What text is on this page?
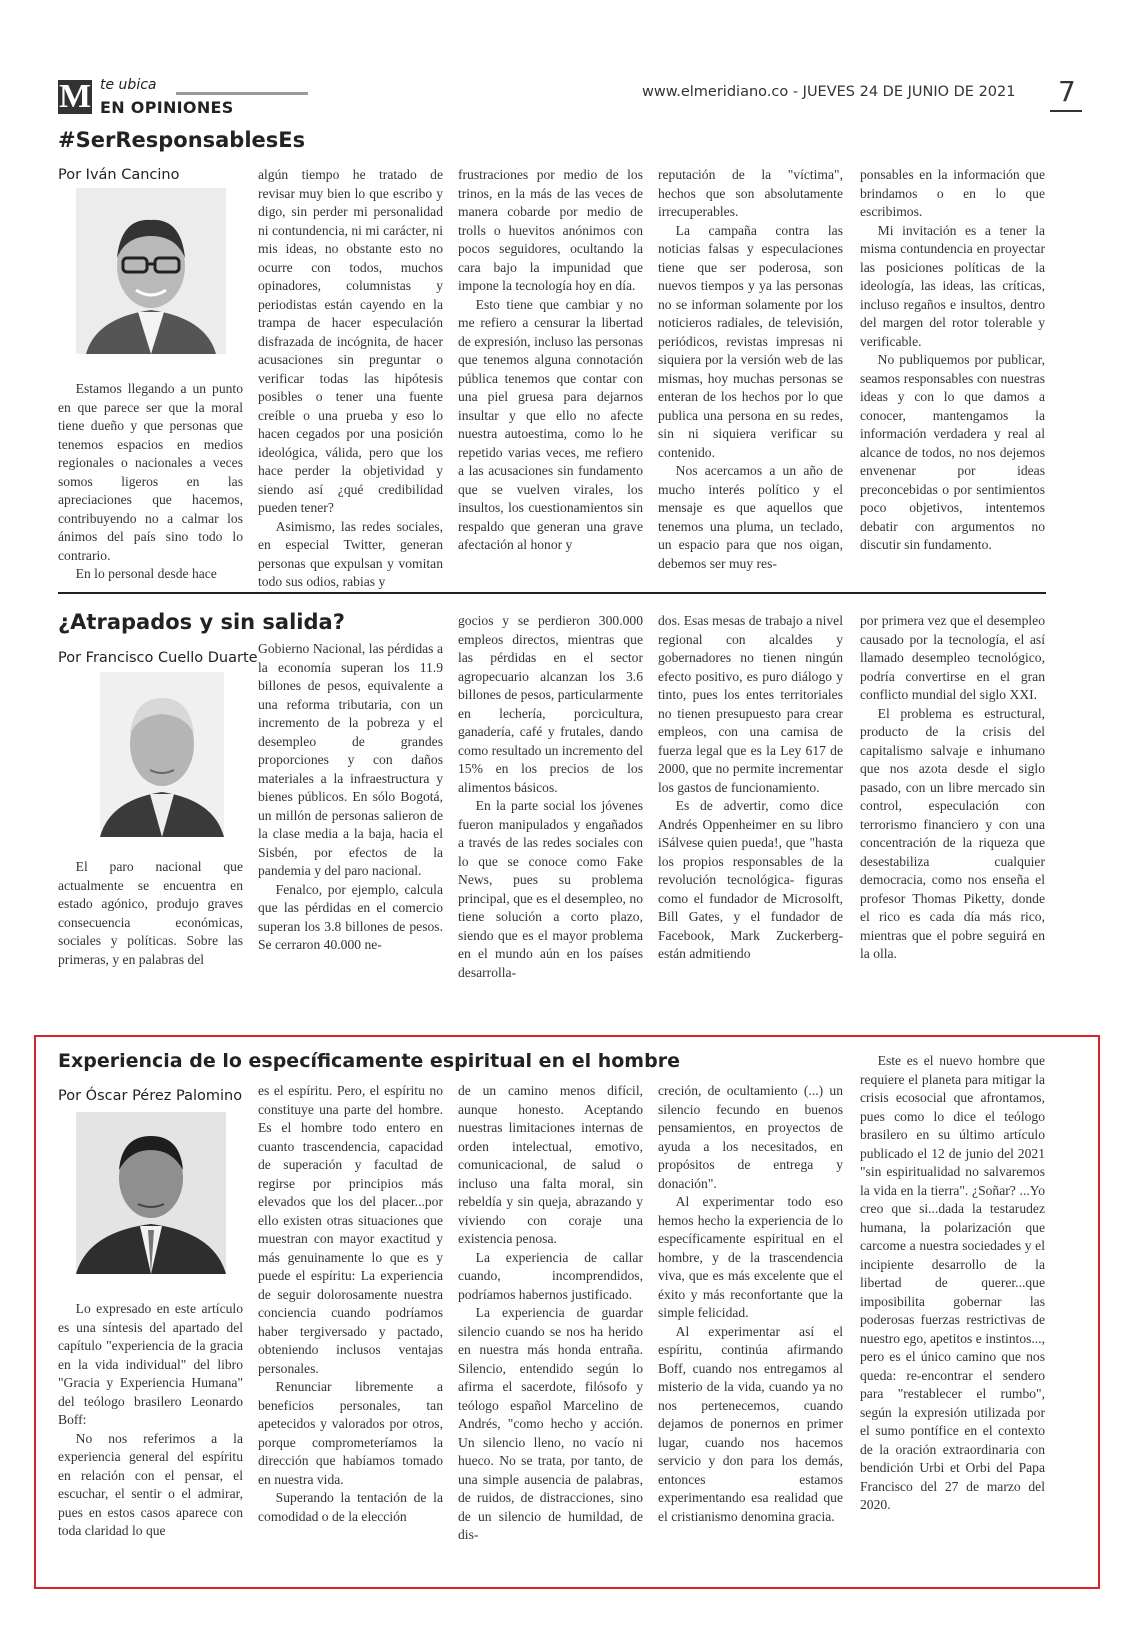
M te ubica
EN OPINIONES
www.elmeridiano.co - JUEVES 24 DE JUNIO DE 2021 7
#SerResponsablesEs
Por Iván Cancino

Estamos llegando a un punto en que parece ser que la moral tiene dueño y que personas que tenemos espacios en medios regionales o nacionales a veces somos ligeros en las apreciaciones que hacemos, contribuyendo no a calmar los ánimos del país sino todo lo contrario.

En lo personal desde hace

algún tiempo he tratado de revisar muy bien lo que escribo y digo, sin perder mi personalidad ni contundencia, ni mi carácter, ni mis ideas, no obstante esto no ocurre con todos, muchos opinadores, columnistas y periodistas están cayendo en la trampa de hacer especulación disfrazada de incógnita, de hacer acusaciones sin preguntar o verificar todas las hipótesis posibles o tener una fuente creíble o una prueba y eso lo hacen cegados por una posición ideológica, válida, pero que los hace perder la objetividad y siendo así ¿qué credibilidad pueden tener?

Asimismo, las redes sociales, en especial Twitter, generan personas que expulsan y vomitan todo sus odios, rabias y

frustraciones por medio de los trinos, en la más de las veces de manera cobarde por medio de trolls o huevitos anónimos con pocos seguidores, ocultando la cara bajo la impunidad que impone la tecnología hoy en día.

Esto tiene que cambiar y no me refiero a censurar la libertad de expresión, incluso las personas que tenemos alguna connotación pública tenemos que contar con una piel gruesa para dejarnos insultar y que ello no afecte nuestra autoestima, como lo he repetido varias veces, me refiero a las acusaciones sin fundamento que se vuelven virales, los insultos, los cuestionamientos sin respaldo que generan una grave afectación al honor y

reputación de la "víctima", hechos que son absolutamente irrecuperables.

La campaña contra las noticias falsas y especulaciones tiene que ser poderosa, son nuevos tiempos y ya las personas no se informan solamente por los noticieros radiales, de televisión, periódicos, revistas impresas ni siquiera por la versión web de las mismas, hoy muchas personas se enteran de los hechos por lo que publica una persona en su redes, sin ni siquiera verificar su contenido.

Nos acercamos a un año de mucho interés político y el mensaje es que aquellos que tenemos una pluma, un teclado, un espacio para que nos oigan, debemos ser muy res-

ponsables en la información que brindamos o en lo que escribimos.

Mi invitación es a tener la misma contundencia en proyectar las posiciones políticas de la ideología, las ideas, las críticas, incluso regaños e insultos, dentro del margen del rotor tolerable y verificable.

No publiquemos por publicar, seamos responsables con nuestras ideas y con lo que damos a conocer, mantengamos la información verdadera y real al alcance de todos, no nos dejemos envenenar por ideas preconcebidas o por sentimientos poco objetivos, intentemos debatir con argumentos no discutir sin fundamento.

¿Atrapados y sin salida?
Por Francisco Cuello Duarte

El paro nacional que actualmente se encuentra en estado agónico, produjo graves consecuencia económicas, sociales y políticas. Sobre las primeras, y en palabras del

Gobierno Nacional, las pérdidas a la economía superan los 11.9 billones de pesos, equivalente a una reforma tributaria, con un incremento de la pobreza y el desempleo de grandes proporciones y con daños materiales a la infraestructura y bienes públicos. En sólo Bogotá, un millón de personas salieron de la clase media a la baja, hacia el Sisbén, por efectos de la pandemia y del paro nacional.

Fenalco, por ejemplo, calcula que las pérdidas en el comercio superan los 3.8 billones de pesos. Se cerraron 40.000 ne-

gocios y se perdieron 300.000 empleos directos, mientras que las pérdidas en el sector agropecuario alcanzan los 3.6 billones de pesos, particularmente en lechería, porcicultura, ganadería, café y frutales, dando como resultado un incremento del 15% en los precios de los alimentos básicos.

En la parte social los jóvenes fueron manipulados y engañados a través de las redes sociales con lo que se conoce como Fake News, pues su problema principal, que es el desempleo, no tiene solución a corto plazo, siendo que es el mayor problema en el mundo aún en los países desarrolla-

dos. Esas mesas de trabajo a nivel regional con alcaldes y gobernadores no tienen ningún efecto positivo, es puro diálogo y tinto, pues los entes territoriales no tienen presupuesto para crear empleos, con una camisa de fuerza legal que es la Ley 617 de 2000, que no permite incrementar los gastos de funcionamiento.

Es de advertir, como dice Andrés Oppenheimer en su libro iSálvese quien pueda!, que "hasta los propios responsables de la revolución tecnológica- figuras como el fundador de Microsolft, Bill Gates, y el fundador de Facebook, Mark Zuckerberg- están admitiendo

por primera vez que el desempleo causado por la tecnología, el así llamado desempleo tecnológico, podría convertirse en el gran conflicto mundial del siglo XXI.

El problema es estructural, producto de la crisis del capitalismo salvaje e inhumano que nos azota desde el siglo pasado, con un libre mercado sin control, especulación con terrorismo financiero y con una concentración de la riqueza que desestabiliza cualquier democracia, como nos enseña el profesor Thomas Piketty, donde el rico es cada día más rico, mientras que el pobre seguirá en la olla.

Experiencia de lo específicamente espiritual en el hombre
Por Óscar Pérez Palomino

Lo expresado en este artículo es una síntesis del apartado del capítulo "experiencia de la gracia en la vida individual" del libro "Gracia y Experiencia Humana" del teólogo brasilero Leonardo Boff:

No nos referimos a la experiencia general del espíritu en relación con el pensar, el escuchar, el sentir o el admirar, pues en estos casos aparece con toda claridad lo que

es el espíritu. Pero, el espíritu no constituye una parte del hombre. Es el hombre todo entero en cuanto trascendencia, capacidad de superación y facultad de regirse por principios más elevados que los del placer...por ello existen otras situaciones que muestran con mayor exactitud y más genuinamente lo que es y puede el espíritu: La experiencia de seguir dolorosamente nuestra conciencia cuando podríamos haber tergiversado y pactado, obteniendo inclusos ventajas personales.

Renunciar libremente a beneficios personales, tan apetecidos y valorados por otros, porque comprometeríamos la dirección que habíamos tomado en nuestra vida.

Superando la tentación de la comodidad o de la elección

de un camino menos difícil, aunque honesto. Aceptando nuestras limitaciones internas de orden intelectual, emotivo, comunicacional, de salud o incluso una falta moral, sin rebeldía y sin queja, abrazando y viviendo con coraje una existencia penosa.

La experiencia de callar cuando, incomprendidos, podríamos habernos justificado.

La experiencia de guardar silencio cuando se nos ha herido en nuestra más honda entraña. Silencio, entendido según lo afirma el sacerdote, filósofo y teólogo español Marcelino de Andrés, "como hecho y acción. Un silencio lleno, no vacío ni hueco. No se trata, por tanto, de una simple ausencia de palabras, de ruidos, de distracciones, sino de un silencio de humildad, de dis-

creción, de ocultamiento (...) un silencio fecundo en buenos pensamientos, en proyectos de ayuda a los necesitados, en propósitos de entrega y donación".

Al experimentar todo eso hemos hecho la experiencia de lo específicamente espiritual en el hombre, y de la trascendencia viva, que es más excelente que el éxito y más reconfortante que la simple felicidad.

Al experimentar así el espíritu, continúa afirmando Boff, cuando nos entregamos al misterio de la vida, cuando ya no nos pertenecemos, cuando dejamos de ponernos en primer lugar, cuando nos hacemos servicio y don para los demás, entonces estamos experimentando esa realidad que el cristianismo denomina gracia.

Este es el nuevo hombre que requiere el planeta para mitigar la crisis ecosocial que afrontamos, pues como lo dice el teólogo brasilero en su último artículo publicado el 12 de junio del 2021 "sin espiritualidad no salvaremos la vida en la tierra". ¿Soñar? ...Yo creo que si...dada la testarudez humana, la polarización que carcome a nuestra sociedades y el incipiente desarrollo de la libertad de querer...que imposibilita gobernar las poderosas fuerzas restrictivas de nuestro ego, apetitos e instintos..., pero es el único camino que nos queda: re-encontrar el sendero para "restablecer el rumbo", según la expresión utilizada por el sumo pontífice en el contexto de la oración extraordinaria con bendición Urbi et Orbi del Papa Francisco del 27 de marzo del 2020.
